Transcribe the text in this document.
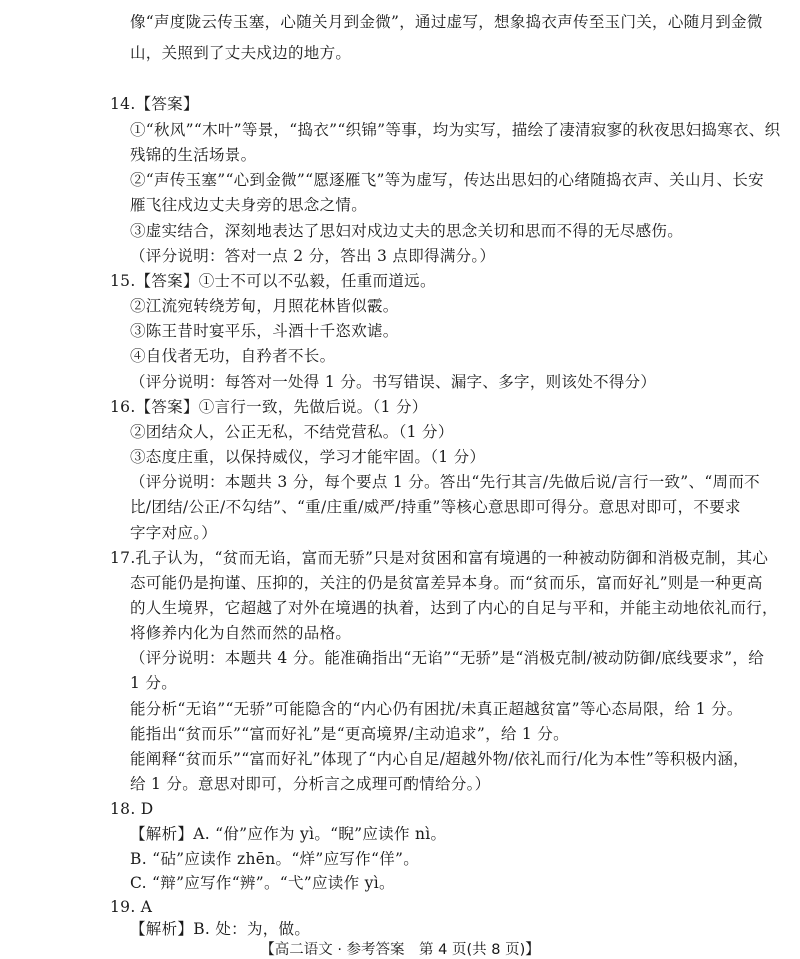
像“声度陇云传玉塞，心随关月到金微”，通过虚写，想象捣衣声传至玉门关，心随月到金微
山，关照到了丈夫戍边的地方。
14.【答案】
①“秋风”“木叶”等景，“捣衣”“织锦”等事，均为实写，描绘了凄清寂寥的秋夜思妇捣寒衣、织
残锦的生活场景。
②“声传玉塞”“心到金微”“愿逐雁飞”等为虚写，传达出思妇的心绪随捣衣声、关山月、长安
雁飞往戍边丈夫身旁的思念之情。
③虚实结合，深刻地表达了思妇对戍边丈夫的思念关切和思而不得的无尽感伤。
（评分说明：答对一点 2 分，答出 3 点即得满分。）
15.【答案】①士不可以不弘毅，任重而道远。
②江流宛转绕芳甸，月照花林皆似霰。
③陈王昔时宴平乐，斗酒十千恣欢谑。
④自伐者无功，自矜者不长。
（评分说明：每答对一处得 1 分。书写错误、漏字、多字，则该处不得分）
16.【答案】①言行一致，先做后说。（1 分）
②团结众人，公正无私，不结党营私。（1 分）
③态度庄重，以保持威仪，学习才能牢固。（1 分）
（评分说明：本题共 3 分，每个要点 1 分。答出“先行其言/先做后说/言行一致”、“周而不
比/团结/公正/不勾结”、“重/庄重/威严/持重”等核心意思即可得分。意思对即可，不要求
字字对应。）
17.孔子认为，“贫而无谄，富而无骄”只是对贫困和富有境遇的一种被动防御和消极克制，其心
态可能仍是拘谨、压抑的，关注的仍是贫富差异本身。而“贫而乐，富而好礼”则是一种更高
的人生境界，它超越了对外在境遇的执着，达到了内心的自足与平和，并能主动地依礼而行，
将修养内化为自然而然的品格。
（评分说明：本题共 4 分。能准确指出“无谄”“无骄”是“消极克制/被动防御/底线要求”，给
1 分。
能分析“无谄”“无骄”可能隐含的“内心仍有困扰/未真正超越贫富”等心态局限，给 1 分。
能指出“贫而乐”“富而好礼”是“更高境界/主动追求”，给 1 分。
能阐释“贫而乐”“富而好礼”体现了“内心自足/超越外物/依礼而行/化为本性”等积极内涵，
给 1 分。意思对即可，分析言之成理可酌情给分。）
18. D
【解析】A. “佾”应作为 yì。“睨”应读作 nì。
B. “砧”应读作 zhēn。“烊”应写作“佯”。
C. “辩”应写作“辨”。“弋”应读作 yì。
19. A
【解析】B. 处：为，做。
【高二语文 · 参考答案　第 4 页(共 8 页)】
